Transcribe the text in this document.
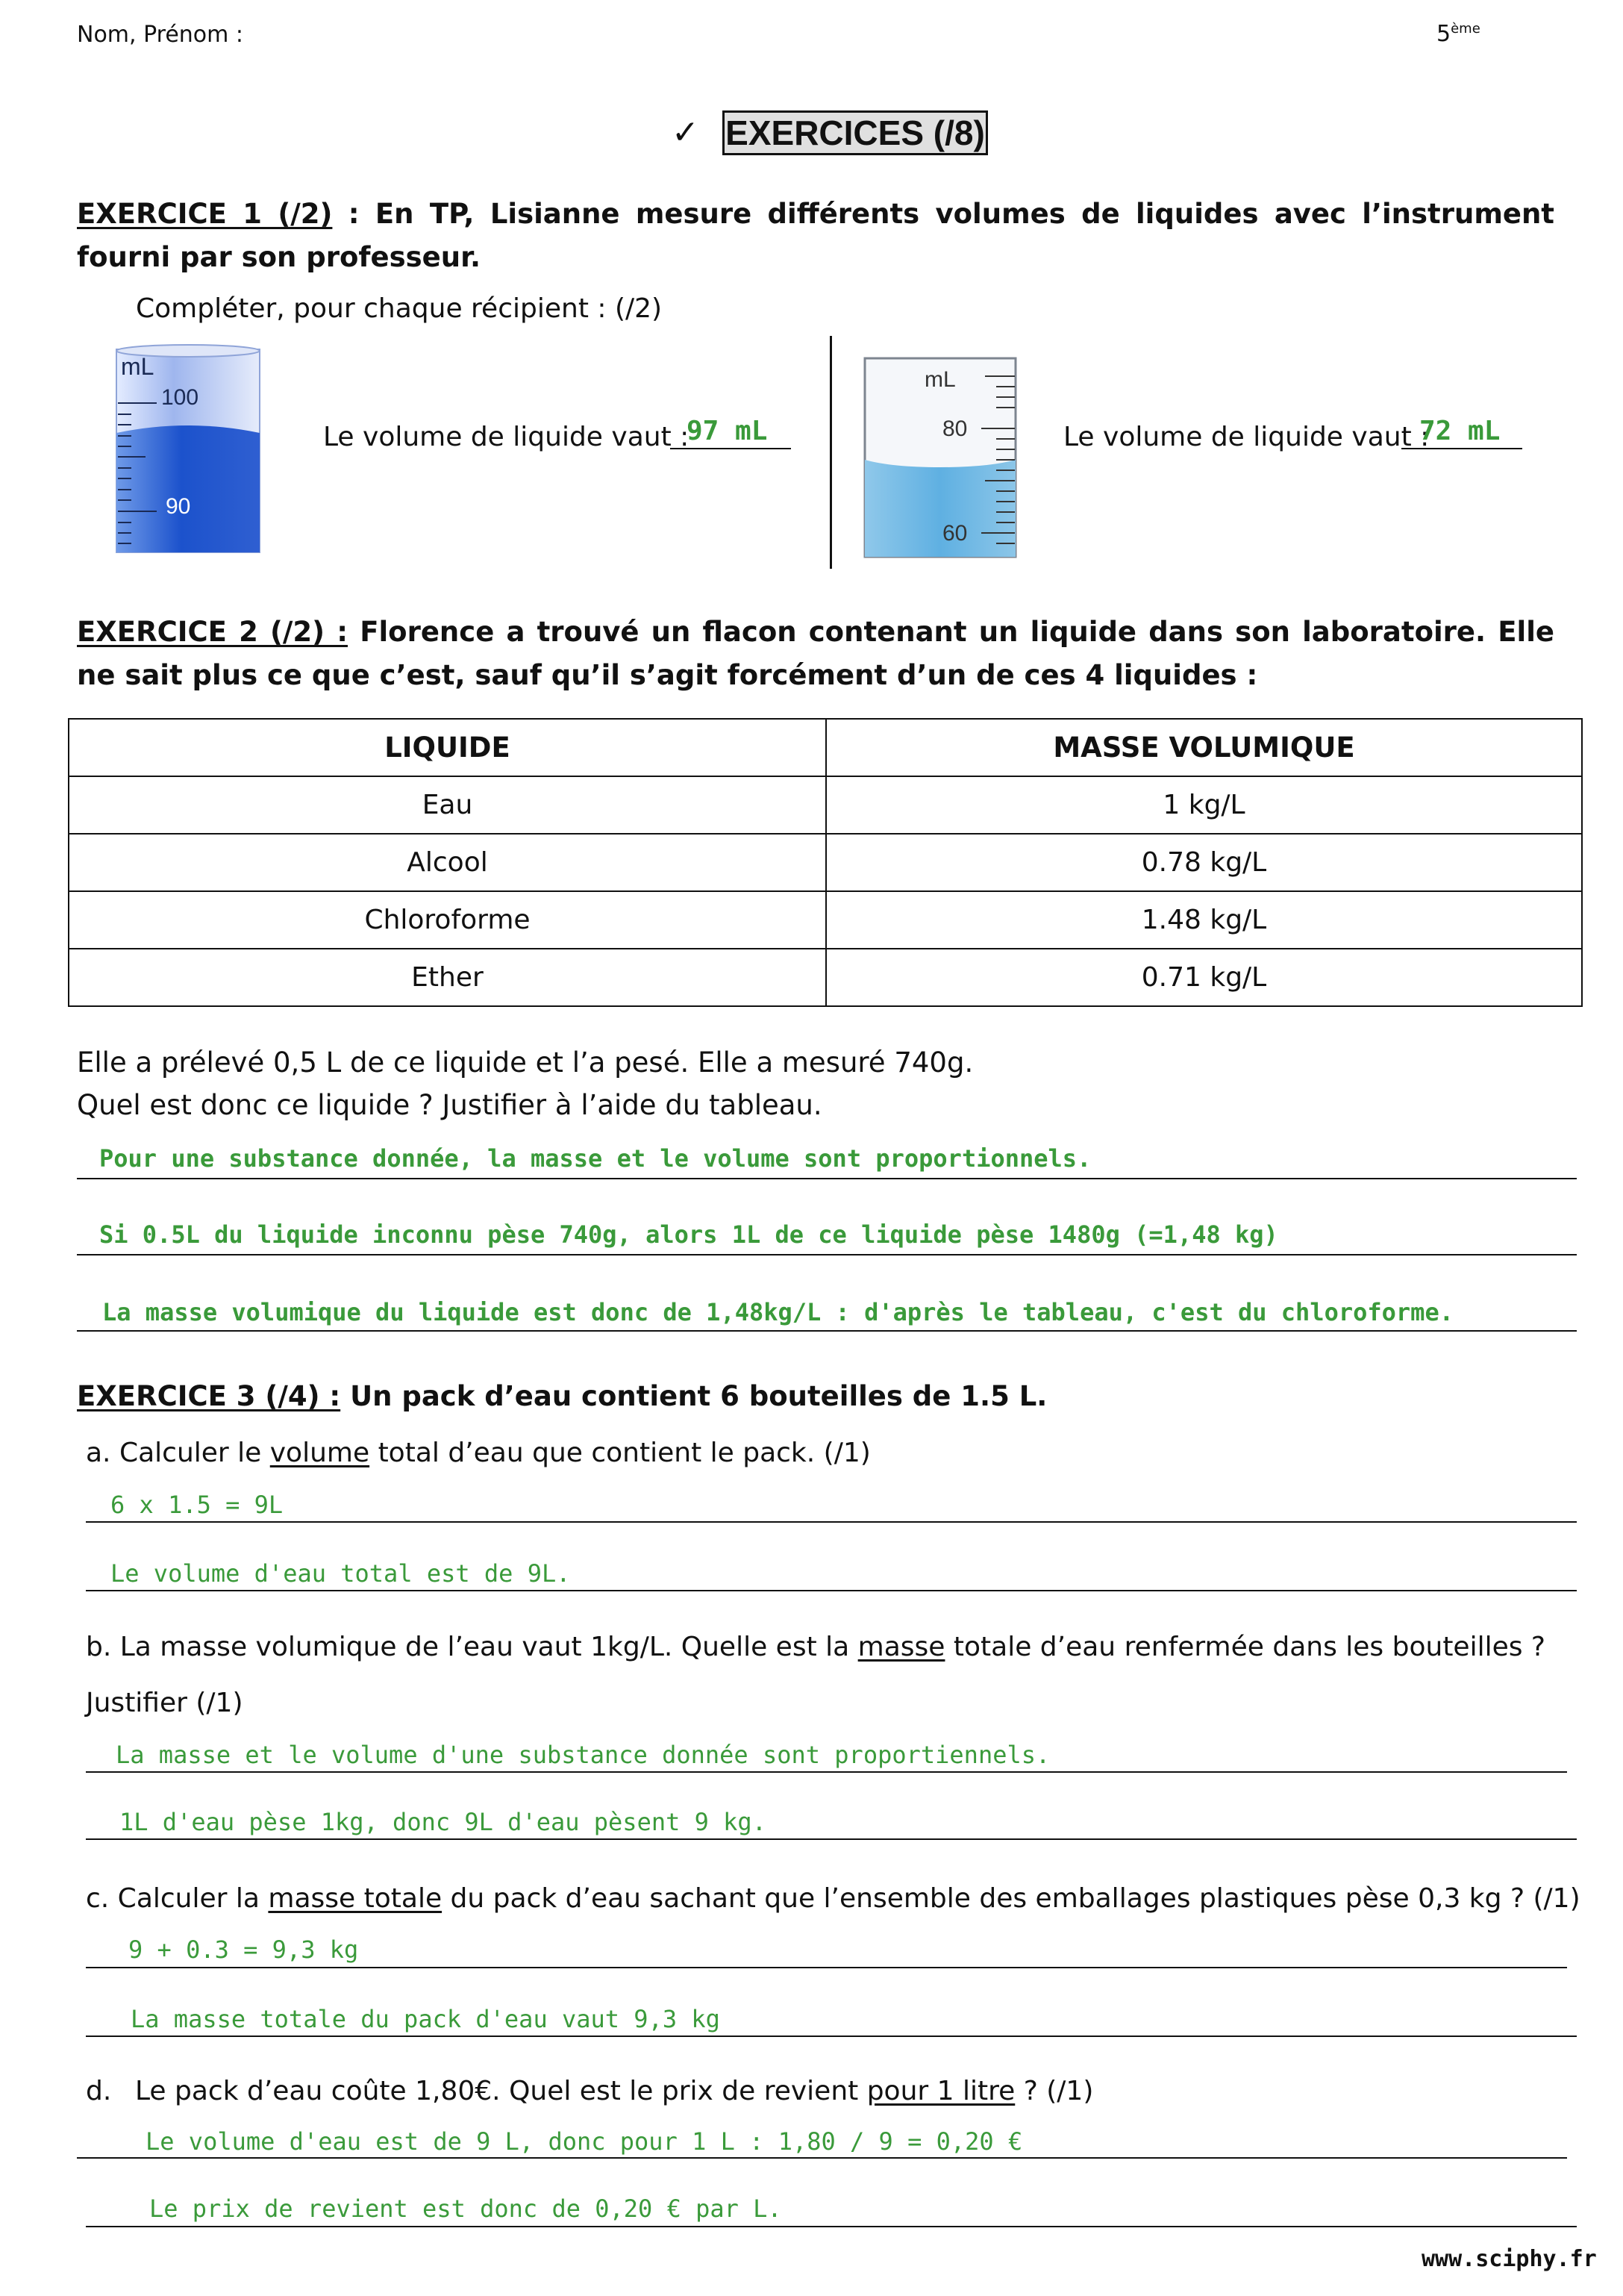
Nom, Prénom :	5ème
✓ EXERCICES (/8)
EXERCICE 1 (/2) : En TP, Lisianne mesure différents volumes de liquides avec l’instrument fourni par son professeur.
Compléter, pour chaque récipient : (/2)
mL
100
90
Le volume de liquide vaut :
97 mL
mL
80
60
Le volume de liquide vaut :
72 mL
EXERCICE 2 (/2) : Florence a trouvé un flacon contenant un liquide dans son laboratoire. Elle ne sait plus ce que c’est, sauf qu’il s’agit forcément d’un de ces 4 liquides :
LIQUIDE	MASSE VOLUMIQUE
Eau	1 kg/L
Alcool	0.78 kg/L
Chloroforme	1.48 kg/L
Ether	0.71 kg/L
Elle a prélevé 0,5 L de ce liquide et l’a pesé. Elle a mesuré 740g.
Quel est donc ce liquide ? Justifier à l’aide du tableau.
Pour une substance donnée, la masse et le volume sont proportionnels.
Si 0.5L du liquide inconnu pèse 740g, alors 1L de ce liquide pèse 1480g (=1,48 kg)
La masse volumique du liquide est donc de 1,48kg/L : d'après le tableau, c'est du chloroforme.
EXERCICE 3 (/4) : Un pack d’eau contient 6 bouteilles de 1.5 L.
a. Calculer le volume total d’eau que contient le pack. (/1)
6 x 1.5 = 9L
Le volume d'eau total est de 9L.
b. La masse volumique de l’eau vaut 1kg/L. Quelle est la masse totale d’eau renfermée dans les bouteilles ?
Justifier (/1)
La masse et le volume d'une substance donnée sont proportiennels.
1L d'eau pèse 1kg, donc 9L d'eau pèsent 9 kg.
c. Calculer la masse totale du pack d’eau sachant que l’ensemble des emballages plastiques pèse 0,3 kg ? (/1)
9 + 0.3 = 9,3 kg
La masse totale du pack d'eau vaut 9,3 kg
d. Le pack d’eau coûte 1,80€. Quel est le prix de revient pour 1 litre ? (/1)
Le volume d'eau est de 9 L, donc pour 1 L : 1,80 / 9 = 0,20 €
Le prix de revient est donc de 0,20 € par L.
www.sciphy.fr
